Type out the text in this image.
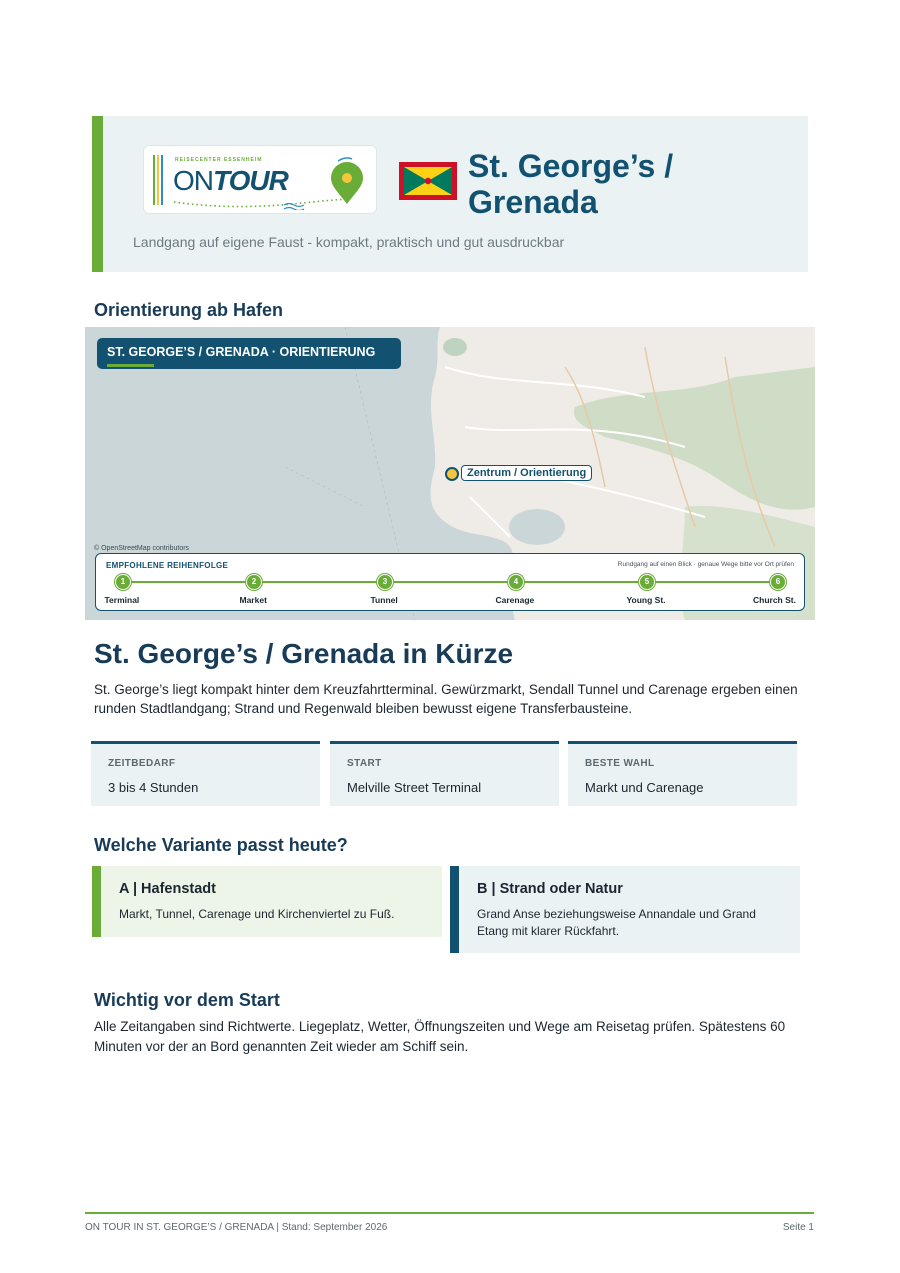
REISECENTER ESSENHEIM
ONTOUR	St. George’s /
Grenada
Landgang auf eigene Faust - kompakt, praktisch und gut ausdruckbar
Orientierung ab Hafen
ST. GEORGE’S / GRENADA · ORIENTIERUNG
Zentrum / Orientierung
© OpenStreetMap contributors
EMPFOHLENE REIHENFOLGE	Rundgang auf einen Blick · genaue Wege bitte vor Ort prüfen
1
Terminal
2
Market
3
Tunnel
4
Carenage
5
Young St.
6
Church St.
St. George’s / Grenada in Kürze
St. George’s liegt kompakt hinter dem Kreuzfahrtterminal. Gewürzmarkt, Sendall Tunnel und Carenage ergeben einen runden Stadtlandgang; Strand und Regenwald bleiben bewusst eigene Transferbausteine.
ZEITBEDARF
3 bis 4 Stunden
START
Melville Street Terminal
BESTE WAHL
Markt und Carenage
Welche Variante passt heute?
A | Hafenstadt
Markt, Tunnel, Carenage und Kirchenviertel zu Fuß.
B | Strand oder Natur
Grand Anse beziehungsweise Annandale und Grand Etang mit klarer Rückfahrt.
Wichtig vor dem Start
Alle Zeitangaben sind Richtwerte. Liegeplatz, Wetter, Öffnungszeiten und Wege am Reisetag prüfen. Spätestens 60 Minuten vor der an Bord genannten Zeit wieder am Schiff sein.
ON TOUR IN ST. GEORGE’S / GRENADA | Stand: September 2026	Seite 1
